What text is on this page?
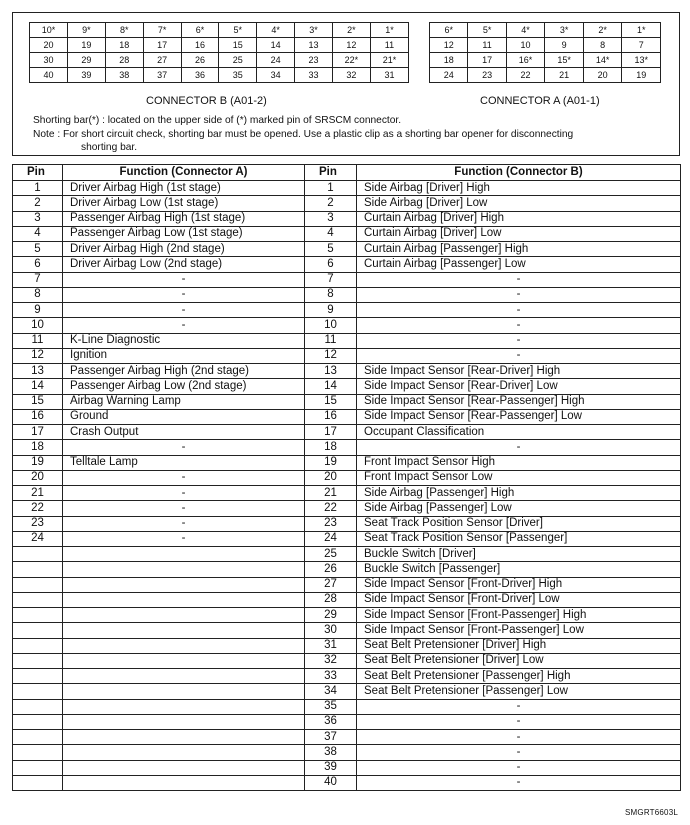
10*	9*	8*	7*	6*	5*	4*	3*	2*	1*
20	19	18	17	16	15	14	13	12	11
30	29	28	27	26	25	24	23	22*	21*
40	39	38	37	36	35	34	33	32	31
6*	5*	4*	3*	2*	1*
12	11	10	9	8	7
18	17	16*	15*	14*	13*
24	23	22	21	20	19
CONNECTOR B (A01-2)	CONNECTOR A (A01-1)
Shorting bar(*) : located on the upper side of (*) marked pin of SRSCM connector.
Note : For short circuit check, shorting bar must be opened. Use a plastic clip as a shorting bar opener for disconnecting
shorting bar.
Pin	Function (Connector A)	Pin	Function (Connector B)
1	Driver Airbag High (1st stage)	1	Side Airbag [Driver] High
2	Driver Airbag Low (1st stage)	2	Side Airbag [Driver] Low
3	Passenger Airbag High (1st stage)	3	Curtain Airbag [Driver] High
4	Passenger Airbag Low (1st stage)	4	Curtain Airbag [Driver] Low
5	Driver Airbag High (2nd stage)	5	Curtain Airbag [Passenger] High
6	Driver Airbag Low (2nd stage)	6	Curtain Airbag [Passenger] Low
7	-	7	-
8	-	8	-
9	-	9	-
10	-	10	-
11	K-Line Diagnostic	11	-
12	Ignition	12	-
13	Passenger Airbag High (2nd stage)	13	Side Impact Sensor [Rear-Driver] High
14	Passenger Airbag Low (2nd stage)	14	Side Impact Sensor [Rear-Driver] Low
15	Airbag Warning Lamp	15	Side Impact Sensor [Rear-Passenger] High
16	Ground	16	Side Impact Sensor [Rear-Passenger] Low
17	Crash Output	17	Occupant Classification
18	-	18	-
19	Telltale Lamp	19	Front Impact Sensor High
20	-	20	Front Impact Sensor Low
21	-	21	Side Airbag [Passenger] High
22	-	22	Side Airbag [Passenger] Low
23	-	23	Seat Track Position Sensor [Driver]
24	-	24	Seat Track Position Sensor [Passenger]
		25	Buckle Switch [Driver]
		26	Buckle Switch [Passenger]
		27	Side Impact Sensor [Front-Driver] High
		28	Side Impact Sensor [Front-Driver] Low
		29	Side Impact Sensor [Front-Passenger] High
		30	Side Impact Sensor [Front-Passenger] Low
		31	Seat Belt Pretensioner [Driver] High
		32	Seat Belt Pretensioner [Driver] Low
		33	Seat Belt Pretensioner [Passenger] High
		34	Seat Belt Pretensioner [Passenger] Low
		35	-
		36	-
		37	-
		38	-
		39	-
		40	-
SMGRT6603L
